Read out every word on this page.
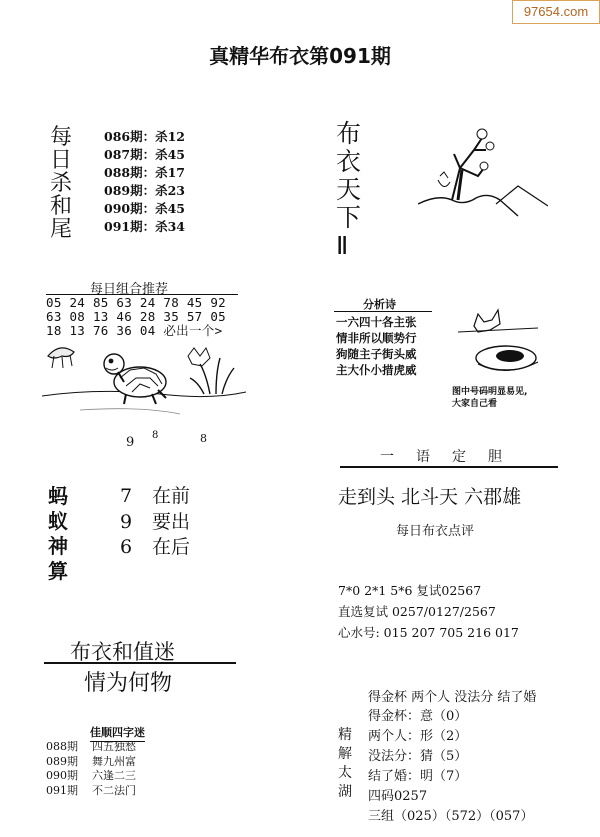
97654.com
真精华布衣第091期
每
日
杀
和
尾
086期：杀12
087期：杀45
088期：杀17
089期：杀23
090期：杀45
091期：杀34
每日组合推荐
05 24 85 63 24 78 45 92
63 08 13 46 28 35 57 05
18 13 76 36 04 必出一个>
9 8	8
蚂
蚁
神
算
7 在前
9 要出
6 在后
布衣和值迷
情为何物
佳顺四字迷
088期 四五独愁
089期 舞九州富
090期 六逢二三
091期 不二法门
布
衣
天
下
Ⅱ
分析诗
一六四十各主张
情非所以顺势行
狗随主子街头威
主大仆小措虎威
图中号码明显易见,
大家自己看
一语定胆
走到头 北斗天 六郡雄
每日布衣点评
7*0 2*1 5*6 复试02567
直选复试 0257/0127/2567
心水号: 015 207 705 216 017
得金杯 两个人 没法分 结了婚
精
解
太
湖
得金杯：意（0）
两个人：形（2）
没法分：猜（5）
结了婚：明（7）
四码0257
三组（025）（572）（057）
